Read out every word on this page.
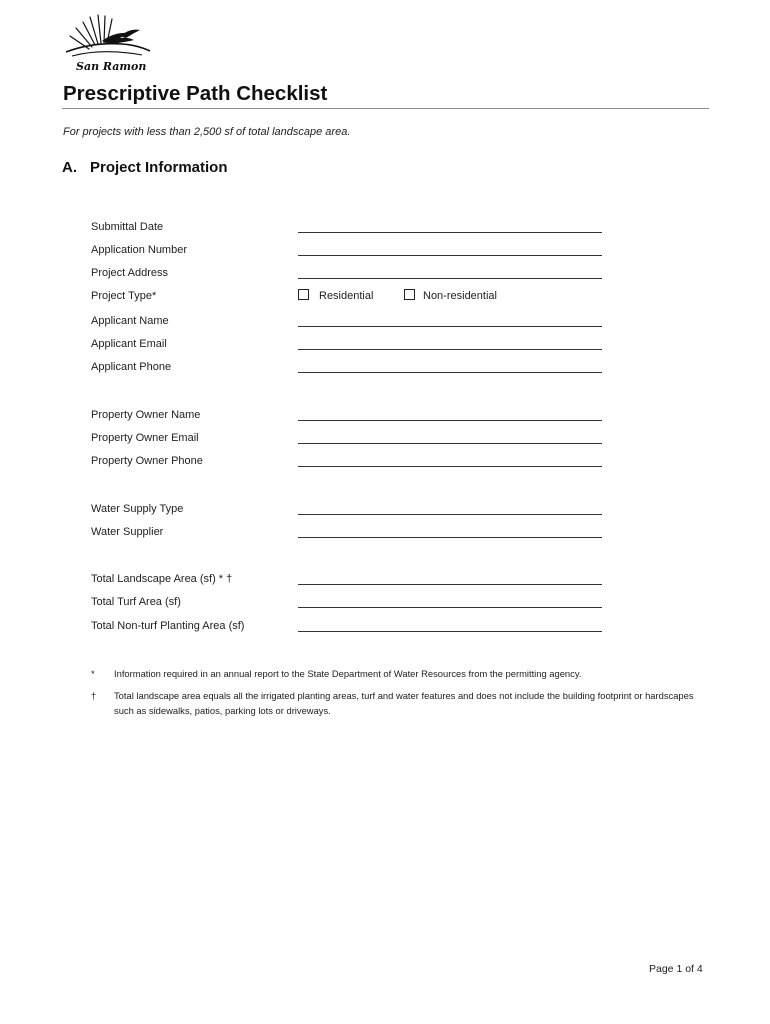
San Ramon
Prescriptive Path Checklist
For projects with less than 2,500 sf of total landscape area.
A. Project Information
Submittal Date
Application Number
Project Address
Project Type*	Residential	Non-residential
Applicant Name
Applicant Email
Applicant Phone
Property Owner Name
Property Owner Email
Property Owner Phone
Water Supply Type
Water Supplier
Total Landscape Area (sf) * †
Total Turf Area (sf)
Total Non-turf Planting Area (sf)
*	Information required in an annual report to the State Department of Water Resources from the permitting agency.
†	Total landscape area equals all the irrigated planting areas, turf and water features and does not include the building footprint or hardscapes such as sidewalks, patios, parking lots or driveways.
Page 1 of 4
